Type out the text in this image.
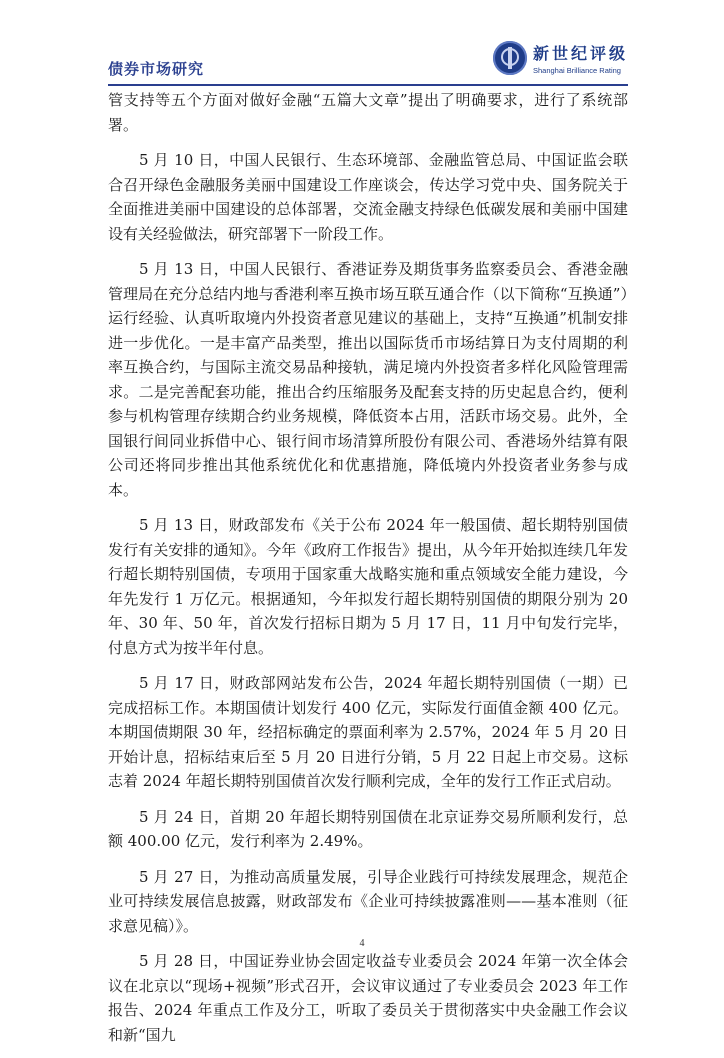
债券市场研究
新世纪评级
Shanghai Brilliance Rating

管支持等五个方面对做好金融“五篇大文章”提出了明确要求，进行了系统部署。

5 月 10 日，中国人民银行、生态环境部、金融监管总局、中国证监会联合召开绿色金融服务美丽中国建设工作座谈会，传达学习党中央、国务院关于全面推进美丽中国建设的总体部署，交流金融支持绿色低碳发展和美丽中国建设有关经验做法，研究部署下一阶段工作。

5 月 13 日，中国人民银行、香港证券及期货事务监察委员会、香港金融管理局在充分总结内地与香港利率互换市场互联互通合作（以下简称“互换通”）运行经验、认真听取境内外投资者意见建议的基础上，支持“互换通”机制安排进一步优化。一是丰富产品类型，推出以国际货币市场结算日为支付周期的利率互换合约，与国际主流交易品种接轨，满足境内外投资者多样化风险管理需求。二是完善配套功能，推出合约压缩服务及配套支持的历史起息合约，便利参与机构管理存续期合约业务规模，降低资本占用，活跃市场交易。此外，全国银行间同业拆借中心、银行间市场清算所股份有限公司、香港场外结算有限公司还将同步推出其他系统优化和优惠措施，降低境内外投资者业务参与成本。

5 月 13 日，财政部发布《关于公布 2024 年一般国债、超长期特别国债发行有关安排的通知》。今年《政府工作报告》提出，从今年开始拟连续几年发行超长期特别国债，专项用于国家重大战略实施和重点领域安全能力建设，今年先发行 1 万亿元。根据通知，今年拟发行超长期特别国债的期限分别为 20 年、30 年、50 年，首次发行招标日期为 5 月 17 日，11 月中旬发行完毕，付息方式为按半年付息。

5 月 17 日，财政部网站发布公告，2024 年超长期特别国债（一期）已完成招标工作。本期国债计划发行 400 亿元，实际发行面值金额 400 亿元。本期国债期限 30 年，经招标确定的票面利率为 2.57%，2024 年 5 月 20 日开始计息，招标结束后至 5 月 20 日进行分销，5 月 22 日起上市交易。这标志着 2024 年超长期特别国债首次发行顺利完成，全年的发行工作正式启动。

5 月 24 日，首期 20 年超长期特别国债在北京证券交易所顺利发行，总额 400.00 亿元，发行利率为 2.49%。

5 月 27 日，为推动高质量发展，引导企业践行可持续发展理念，规范企业可持续发展信息披露，财政部发布《企业可持续披露准则——基本准则（征求意见稿）》。

5 月 28 日，中国证券业协会固定收益专业委员会 2024 年第一次全体会议在北京以“现场+视频”形式召开，会议审议通过了专业委员会 2023 年工作报告、2024 年重点工作及分工，听取了委员关于贯彻落实中央金融工作会议和新“国九

4
